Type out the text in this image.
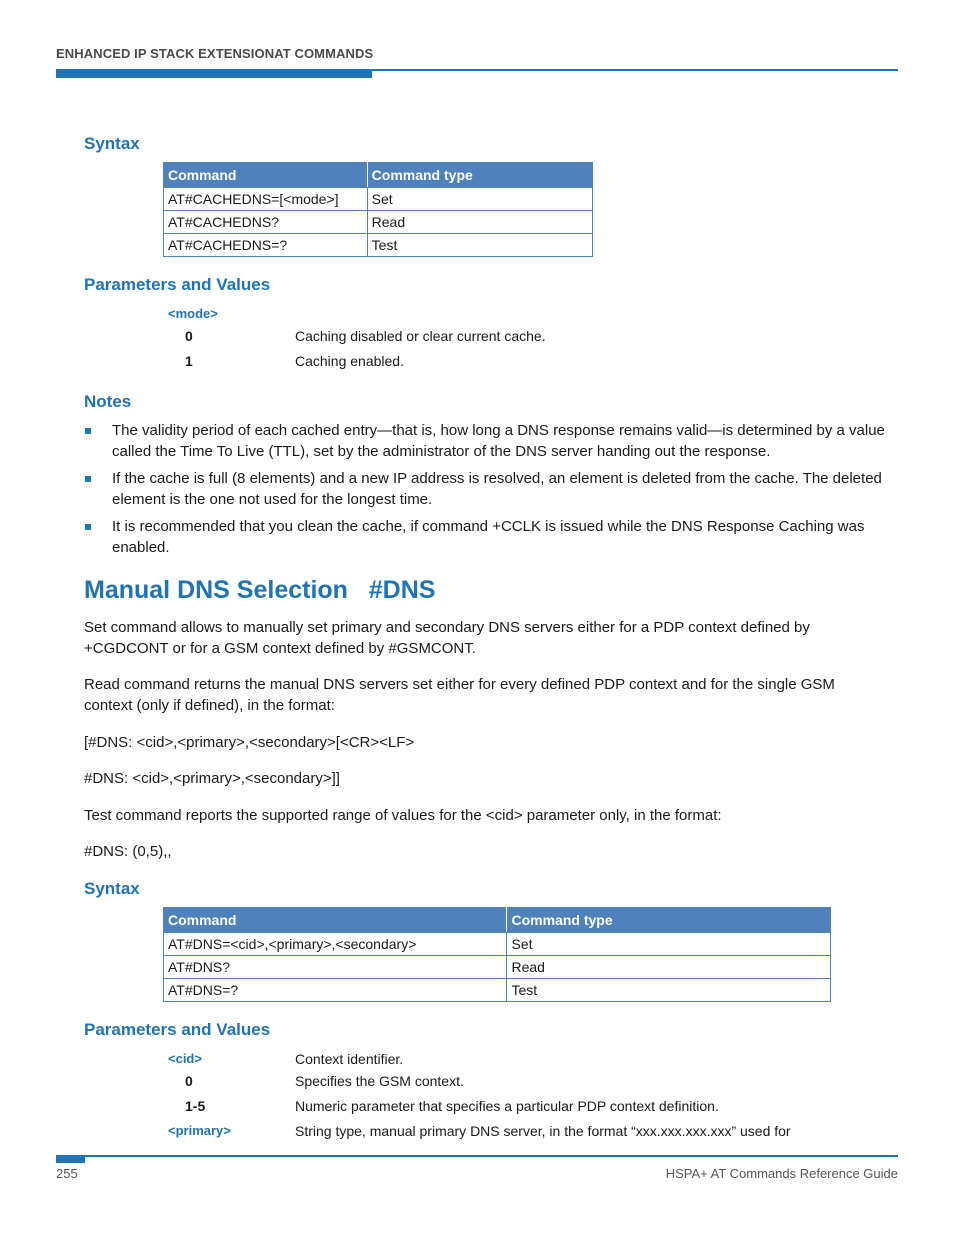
ENHANCED IP STACK EXTENSIONAT COMMANDS
Syntax
Command	Command type
AT#CACHEDNS=[<mode>]	Set
AT#CACHEDNS?	Read
AT#CACHEDNS=?	Test
Parameters and Values
<mode>
0	Caching disabled or clear current cache.
1	Caching enabled.
Notes
The validity period of each cached entry—that is, how long a DNS response remains valid—is determined by a value called the Time To Live (TTL), set by the administrator of the DNS server handing out the response.
If the cache is full (8 elements) and a new IP address is resolved, an element is deleted from the cache. The deleted element is the one not used for the longest time.
It is recommended that you clean the cache, if command +CCLK is issued while the DNS Response Caching was enabled.
Manual DNS Selection   #DNS
Set command allows to manually set primary and secondary DNS servers either for a PDP context defined by +CGDCONT or for a GSM context defined by #GSMCONT.
Read command returns the manual DNS servers set either for every defined PDP context and for the single GSM context (only if defined), in the format:
[#DNS: <cid>,<primary>,<secondary>[<CR><LF>
#DNS: <cid>,<primary>,<secondary>]]
Test command reports the supported range of values for the <cid> parameter only, in the format:
#DNS: (0,5),,
Syntax
Command	Command type
AT#DNS=<cid>,<primary>,<secondary>	Set
AT#DNS?	Read
AT#DNS=?	Test
Parameters and Values
<cid>	Context identifier.
0	Specifies the GSM context.
1-5	Numeric parameter that specifies a particular PDP context definition.
<primary>	String type, manual primary DNS server, in the format “xxx.xxx.xxx.xxx” used for
255	HSPA+ AT Commands Reference Guide
